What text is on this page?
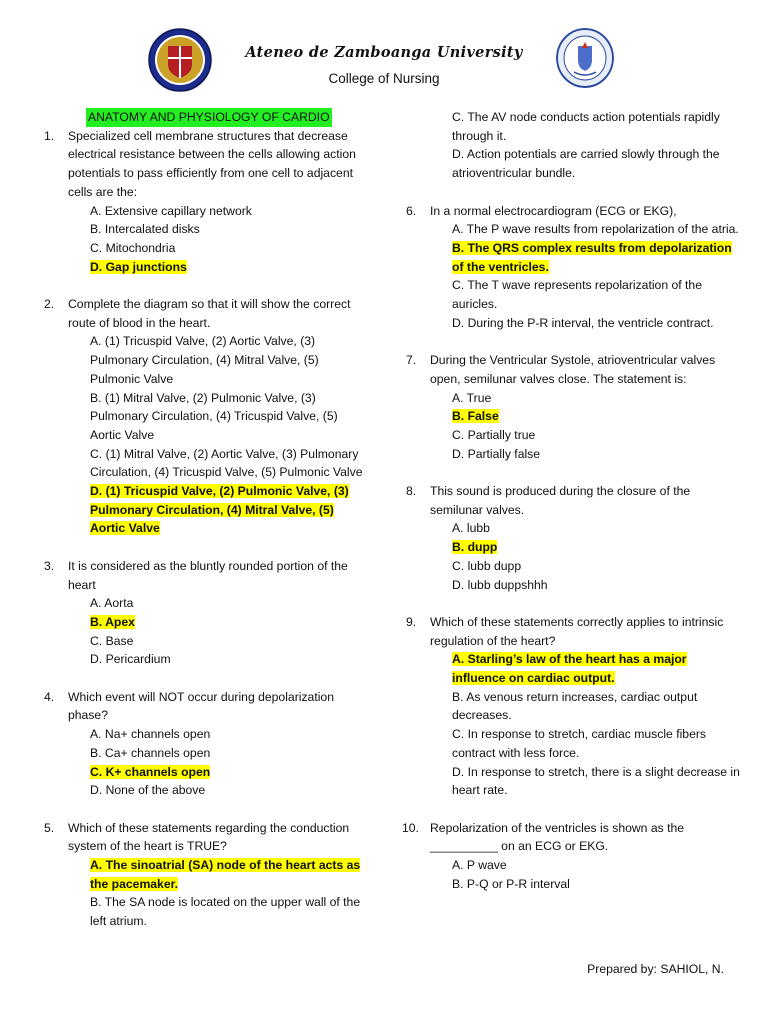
Ateneo de Zamboanga University
College of Nursing
ANATOMY AND PHYSIOLOGY OF CARDIO
1. Specialized cell membrane structures that decrease electrical resistance between the cells allowing action potentials to pass efficiently from one cell to adjacent cells are the:
A. Extensive capillary network
B. Intercalated disks
C. Mitochondria
D. Gap junctions
2. Complete the diagram so that it will show the correct route of blood in the heart.
A. (1) Tricuspid Valve, (2) Aortic Valve, (3) Pulmonary Circulation, (4) Mitral Valve, (5) Pulmonic Valve
B. (1) Mitral Valve, (2) Pulmonic Valve, (3) Pulmonary Circulation, (4) Tricuspid Valve, (5) Aortic Valve
C. (1) Mitral Valve, (2) Aortic Valve, (3) Pulmonary Circulation, (4) Tricuspid Valve, (5) Pulmonic Valve
D. (1) Tricuspid Valve, (2) Pulmonic Valve, (3) Pulmonary Circulation, (4) Mitral Valve, (5) Aortic Valve
3. It is considered as the bluntly rounded portion of the heart
A. Aorta
B. Apex
C. Base
D. Pericardium
4. Which event will NOT occur during depolarization phase?
A. Na+ channels open
B. Ca+ channels open
C. K+ channels open
D. None of the above
5. Which of these statements regarding the conduction system of the heart is TRUE?
A. The sinoatrial (SA) node of the heart acts as the pacemaker.
B. The SA node is located on the upper wall of the left atrium.
C. The AV node conducts action potentials rapidly through it.
D. Action potentials are carried slowly through the atrioventricular bundle.
6. In a normal electrocardiogram (ECG or EKG),
A. The P wave results from repolarization of the atria.
B. The QRS complex results from depolarization of the ventricles.
C. The T wave represents repolarization of the auricles.
D. During the P-R interval, the ventricle contract.
7. During the Ventricular Systole, atrioventricular valves open, semilunar valves close. The statement is:
A. True
B. False
C. Partially true
D. Partially false
8. This sound is produced during the closure of the semilunar valves.
A. lubb
B. dupp
C. lubb dupp
D. lubb duppshhh
9. Which of these statements correctly applies to intrinsic regulation of the heart?
A. Starling’s law of the heart has a major influence on cardiac output.
B. As venous return increases, cardiac output decreases.
C. In response to stretch, cardiac muscle fibers contract with less force.
D. In response to stretch, there is a slight decrease in heart rate.
10. Repolarization of the ventricles is shown as the __________ on an ECG or EKG.
A. P wave
B. P-Q or P-R interval
Prepared by: SAHIOL, N.
